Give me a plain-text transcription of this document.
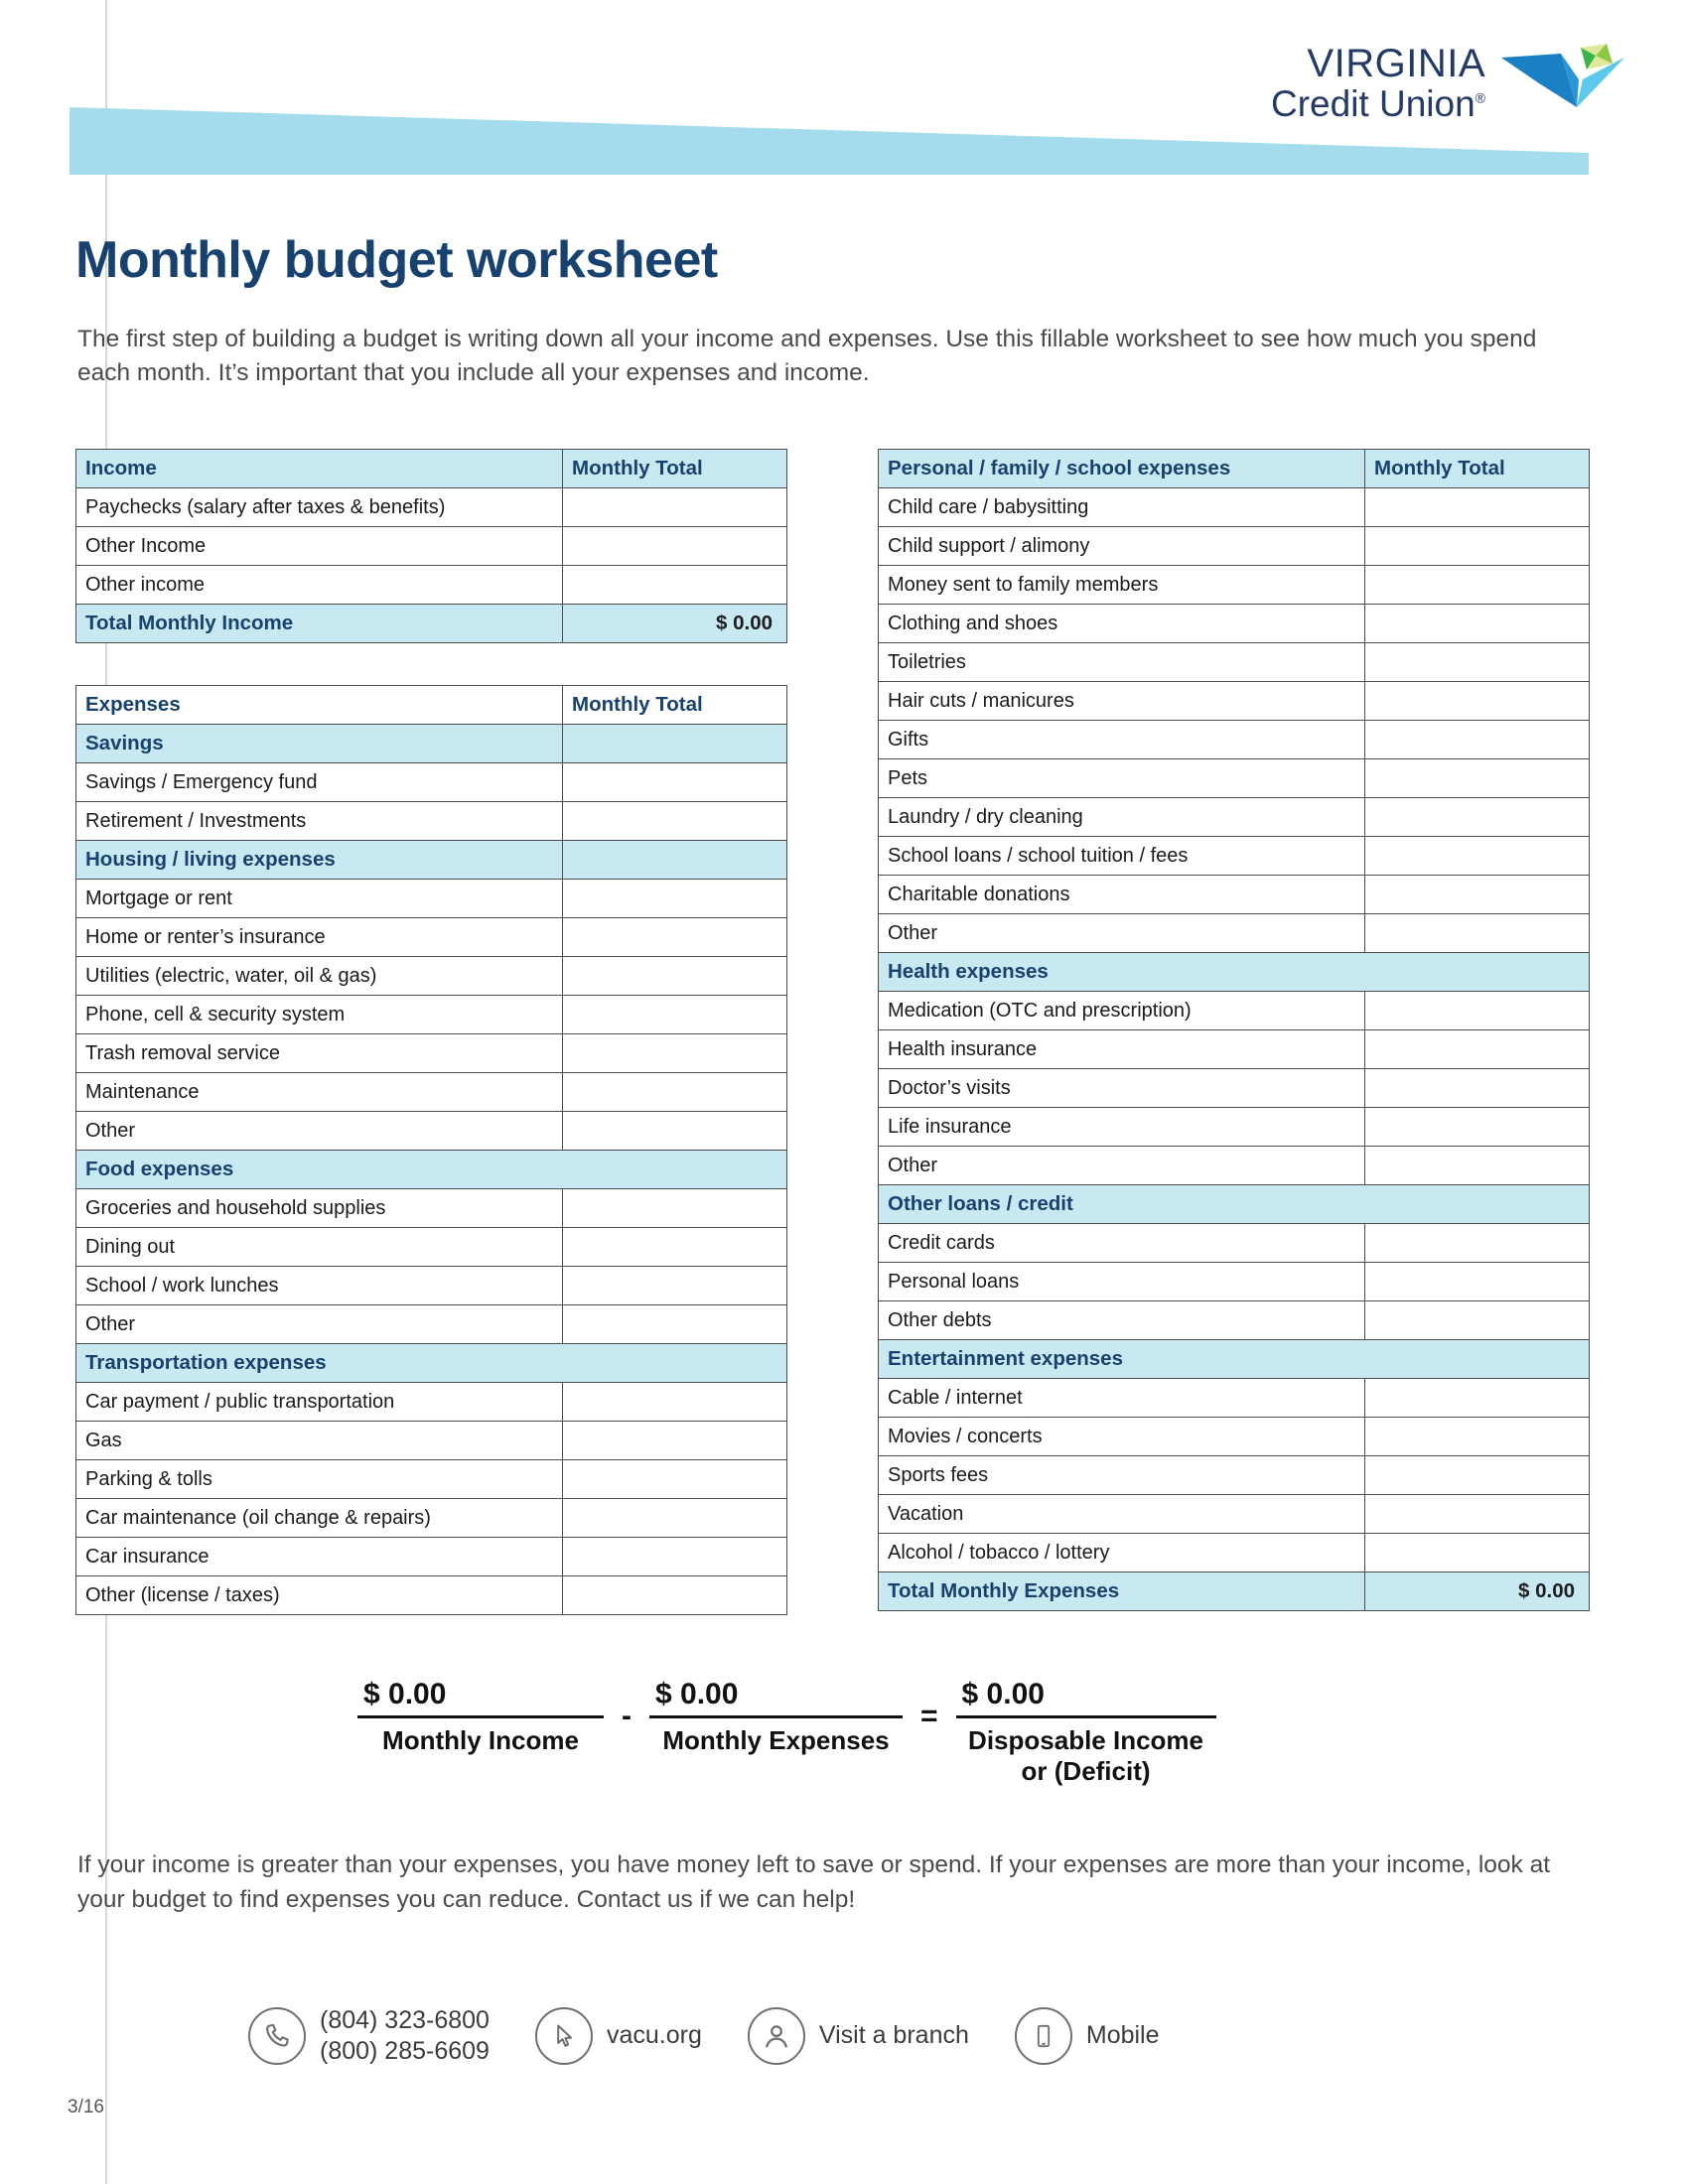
VIRGINIA
Credit Union®
Monthly budget worksheet

The first step of building a budget is writing down all your income and expenses. Use this fillable worksheet to see how much you spend each month. It’s important that you include all your expenses and income.

Income	Monthly Total
Paychecks (salary after taxes & benefits)	
Other Income	
Other income	
Total Monthly Income	$ 0.00
Expenses	Monthly Total
Savings	
Savings / Emergency fund	
Retirement / Investments	
Housing / living expenses	
Mortgage or rent	
Home or renter’s insurance	
Utilities (electric, water, oil & gas)	
Phone, cell & security system	
Trash removal service	
Maintenance	
Other	
Food expenses	
Groceries and household supplies	
Dining out	
School / work lunches	
Other	
Transportation expenses	
Car payment / public transportation	
Gas	
Parking & tolls	
Car maintenance (oil change & repairs)	
Car insurance	
Other (license / taxes)	
Personal / family / school expenses	Monthly Total
Child care / babysitting	
Child support / alimony	
Money sent to family members	
Clothing and shoes	
Toiletries	
Hair cuts / manicures	
Gifts	
Pets	
Laundry / dry cleaning	
School loans / school tuition / fees	
Charitable donations	
Other	
Health expenses	
Medication (OTC and prescription)	
Health insurance	
Doctor’s visits	
Life insurance	
Other	
Other loans / credit	
Credit cards	
Personal loans	
Other debts	
Entertainment expenses	
Cable / internet	
Movies / concerts	
Sports fees	
Vacation	
Alcohol / tobacco / lottery	
Total Monthly Expenses	$ 0.00
$\frac{\$ 0.00}{\text{Monthly Income}} - \frac{\$ 0.00}{\text{Monthly Expenses}}$ =
$ 0.00
Disposable Income
or (Deficit)

If your income is greater than your expenses, you have money left to save or spend. If your expenses are more than your income, look at your budget to find expenses you can reduce. Contact us if we can help!

(804) 323-6800
(800) 285-6609
vacu.org	Visit a branch	Mobile
3/16
